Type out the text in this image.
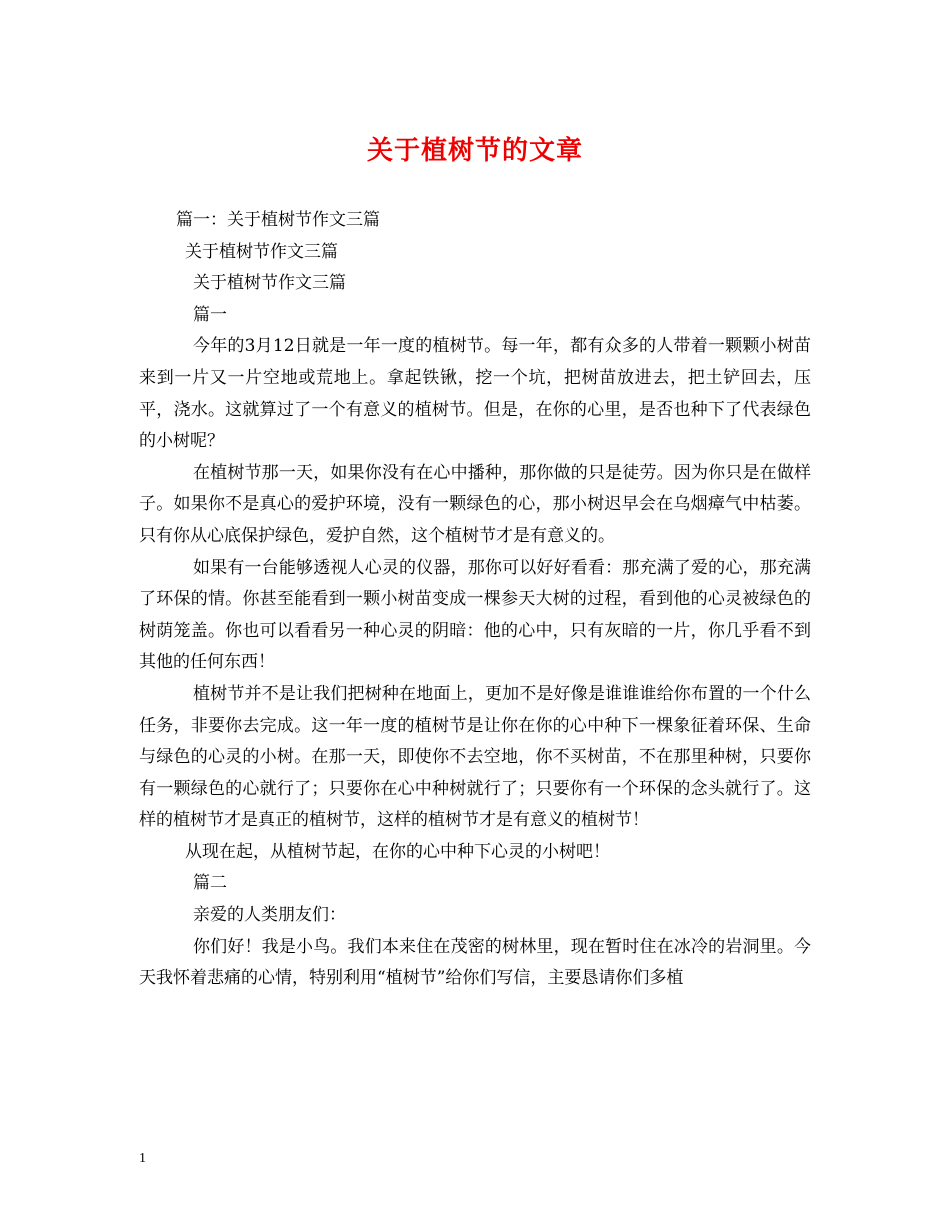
关于植树节的文章
篇一：关于植树节作文三篇
关于植树节作文三篇
关于植树节作文三篇
篇一
今年的3月12日就是一年一度的植树节。每一年，都有众多的人带着一颗颗小树苗来到一片又一片空地或荒地上。拿起铁锹，挖一个坑，把树苗放进去，把土铲回去，压平，浇水。这就算过了一个有意义的植树节。但是，在你的心里，是否也种下了代表绿色的小树呢？
在植树节那一天，如果你没有在心中播种，那你做的只是徒劳。因为你只是在做样子。如果你不是真心的爱护环境，没有一颗绿色的心，那小树迟早会在乌烟瘴气中枯萎。只有你从心底保护绿色，爱护自然，这个植树节才是有意义的。
如果有一台能够透视人心灵的仪器，那你可以好好看看：那充满了爱的心，那充满了环保的情。你甚至能看到一颗小树苗变成一棵参天大树的过程，看到他的心灵被绿色的树荫笼盖。你也可以看看另一种心灵的阴暗：他的心中，只有灰暗的一片，你几乎看不到其他的任何东西！
植树节并不是让我们把树种在地面上，更加不是好像是谁谁谁给你布置的一个什么任务，非要你去完成。这一年一度的植树节是让你在你的心中种下一棵象征着环保、生命与绿色的心灵的小树。在那一天，即使你不去空地，你不买树苗，不在那里种树，只要你有一颗绿色的心就行了；只要你在心中种树就行了；只要你有一个环保的念头就行了。这样的植树节才是真正的植树节，这样的植树节才是有意义的植树节！
从现在起，从植树节起，在你的心中种下心灵的小树吧！
篇二
亲爱的人类朋友们：
你们好！我是小鸟。我们本来住在茂密的树林里，现在暂时住在冰冷的岩洞里。今天我怀着悲痛的心情，特别利用“植树节”给你们写信，主要恳请你们多植
1
